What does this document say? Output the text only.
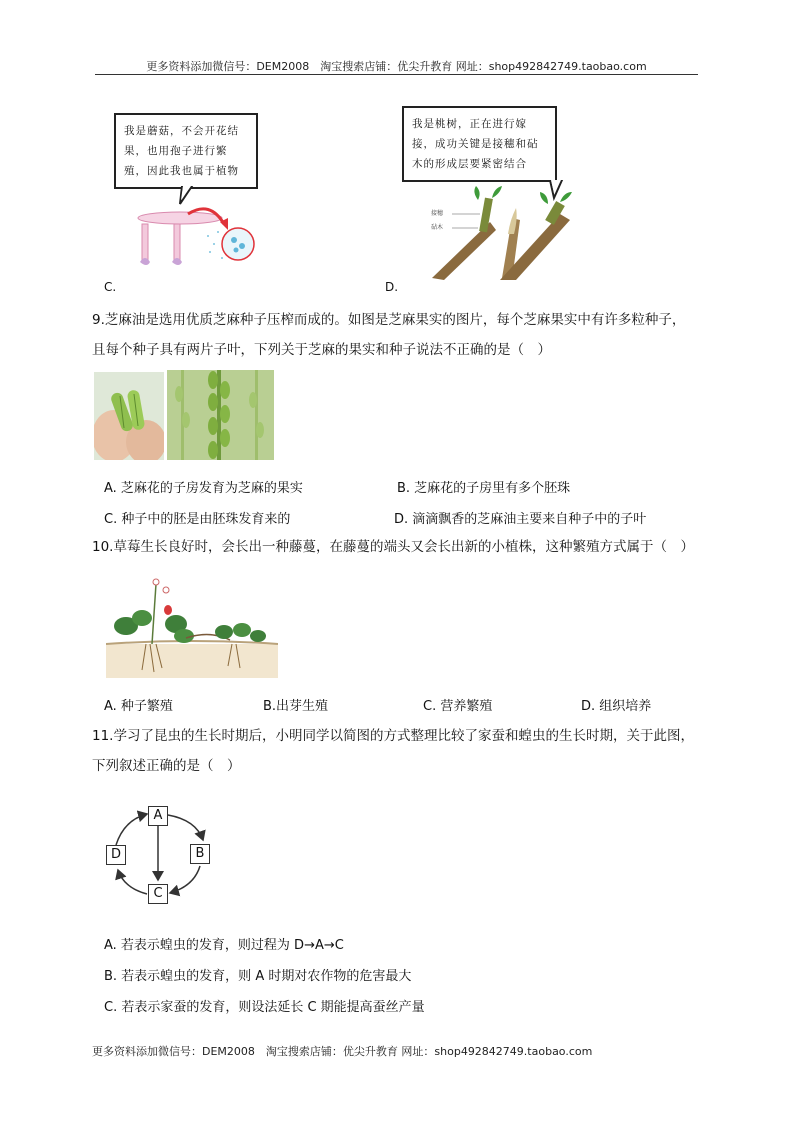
更多资料添加微信号：DEM2008　淘宝搜索店铺：优尖升教育 网址：shop492842749.taobao.com
我是蘑菇，不会开花结
果，也用孢子进行繁
殖，因此我也属于植物
C.
我是桃树，正在进行嫁
接，成功关键是接穗和砧
木的形成层要紧密结合
接穗
砧木
D.
9.芝麻油是选用优质芝麻种子压榨而成的。如图是芝麻果实的图片，每个芝麻果实中有许多粒种子，
且每个种子具有两片子叶，下列关于芝麻的果实和种子说法不正确的是（　）
A. 芝麻花的子房发育为芝麻的果实	B. 芝麻花的子房里有多个胚珠
C. 种子中的胚是由胚珠发育来的	D. 滴滴飘香的芝麻油主要来自种子中的子叶
10.草莓生长良好时，会长出一种藤蔓，在藤蔓的端头又会长出新的小植株，这种繁殖方式属于（　）
A. 种子繁殖	B.出芽生殖	C. 营养繁殖	D. 组织培养
11.学习了昆虫的生长时期后，小明同学以简图的方式整理比较了家蚕和蝗虫的生长时期，关于此图，
下列叙述正确的是（　）
A
B
C
D
A. 若表示蝗虫的发育，则过程为 D→A→C
B. 若表示蝗虫的发育，则 A 时期对农作物的危害最大
C. 若表示家蚕的发育，则设法延长 C 期能提高蚕丝产量
更多资料添加微信号：DEM2008　淘宝搜索店铺：优尖升教育 网址：shop492842749.taobao.com
